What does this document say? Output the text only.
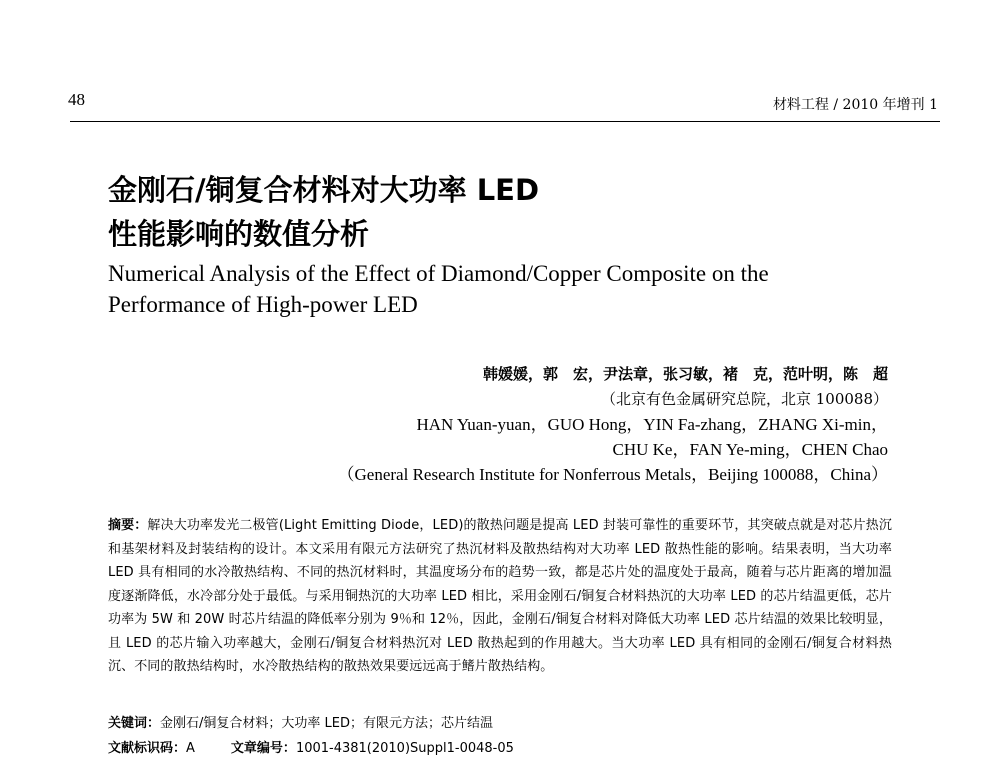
48	材料工程 / 2010 年增刊 1
金刚石/铜复合材料对大功率 LED
性能影响的数值分析
Numerical Analysis of the Effect of Diamond/Copper Composite on the Performance of High-power LED
韩媛媛，郭　宏，尹法章，张习敏，褚　克，范叶明，陈　超
（北京有色金属研究总院，北京 100088）
HAN Yuan-yuan，GUO Hong，YIN Fa-zhang，ZHANG Xi-min，
CHU Ke，FAN Ye-ming，CHEN Chao
（General Research Institute for Nonferrous Metals，Beijing 100088，China）
摘要：解决大功率发光二极管(Light Emitting Diode，LED)的散热问题是提高 LED 封装可靠性的重要环节，其突破点就是对芯片热沉和基架材料及封装结构的设计。本文采用有限元方法研究了热沉材料及散热结构对大功率 LED 散热性能的影响。结果表明，当大功率 LED 具有相同的水冷散热结构、不同的热沉材料时，其温度场分布的趋势一致，都是芯片处的温度处于最高，随着与芯片距离的增加温度逐渐降低，水冷部分处于最低。与采用铜热沉的大功率 LED 相比，采用金刚石/铜复合材料热沉的大功率 LED 的芯片结温更低，芯片功率为 5W 和 20W 时芯片结温的降低率分别为 9％和 12％，因此，金刚石/铜复合材料对降低大功率 LED 芯片结温的效果比较明显，且 LED 的芯片输入功率越大，金刚石/铜复合材料热沉对 LED 散热起到的作用越大。当大功率 LED 具有相同的金刚石/铜复合材料热沉、不同的散热结构时，水冷散热结构的散热效果要远远高于鳍片散热结构。
关键词：金刚石/铜复合材料；大功率 LED；有限元方法；芯片结温
文献标识码：A	文章编号：1001-4381(2010)Suppl1-0048-05
